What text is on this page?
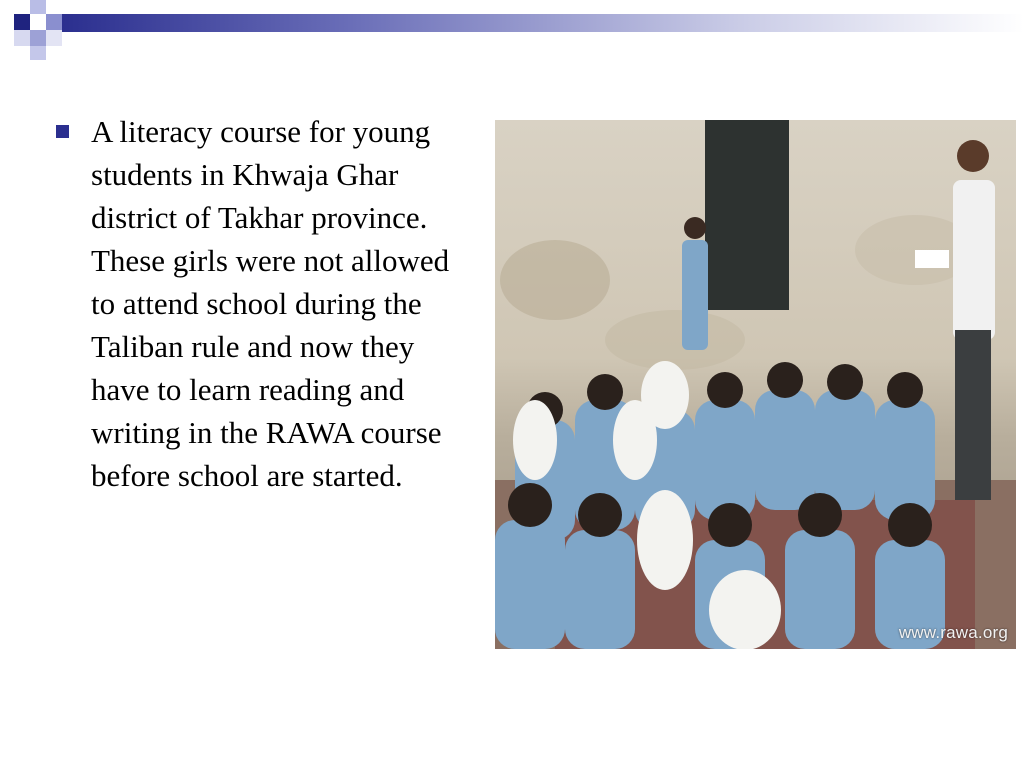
A literacy course for young students in Khwaja Ghar district of Takhar province. These girls were not allowed to attend school during the Taliban rule and now they have to learn reading and writing in the RAWA course before school are started.
www.rawa.org
